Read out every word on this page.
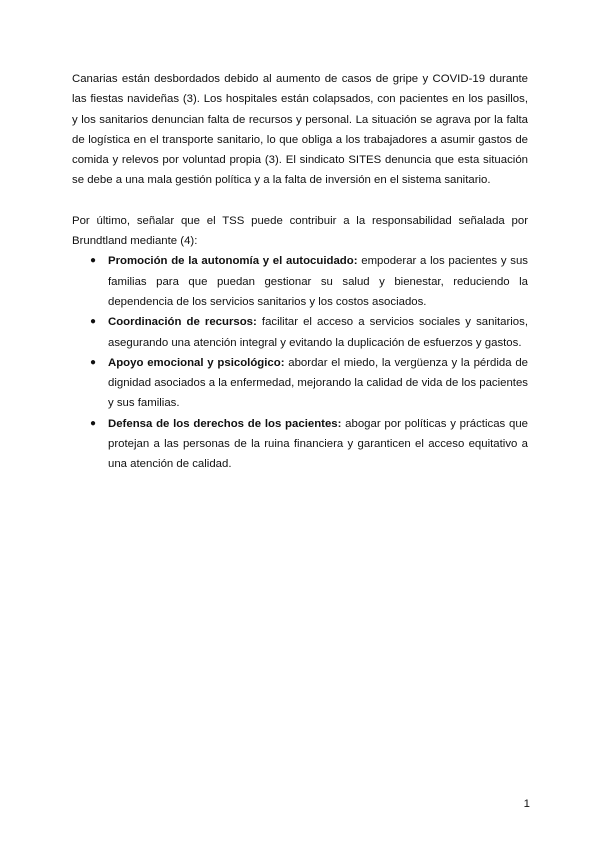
Canarias están desbordados debido al aumento de casos de gripe y COVID-19 durante las fiestas navideñas (3). Los hospitales están colapsados, con pacientes en los pasillos, y los sanitarios denuncian falta de recursos y personal. La situación se agrava por la falta de logística en el transporte sanitario, lo que obliga a los trabajadores a asumir gastos de comida y relevos por voluntad propia (3). El sindicato SITES denuncia que esta situación se debe a una mala gestión política y a la falta de inversión en el sistema sanitario.

Por último, señalar que el TSS puede contribuir a la responsabilidad señalada por Brundtland mediante (4):

● Promoción de la autonomía y el autocuidado: empoderar a los pacientes y sus familias para que puedan gestionar su salud y bienestar, reduciendo la dependencia de los servicios sanitarios y los costos asociados.
● Coordinación de recursos: facilitar el acceso a servicios sociales y sanitarios, asegurando una atención integral y evitando la duplicación de esfuerzos y gastos.
● Apoyo emocional y psicológico: abordar el miedo, la vergüenza y la pérdida de dignidad asociados a la enfermedad, mejorando la calidad de vida de los pacientes y sus familias.
● Defensa de los derechos de los pacientes: abogar por políticas y prácticas que protejan a las personas de la ruina financiera y garanticen el acceso equitativo a una atención de calidad.
1
